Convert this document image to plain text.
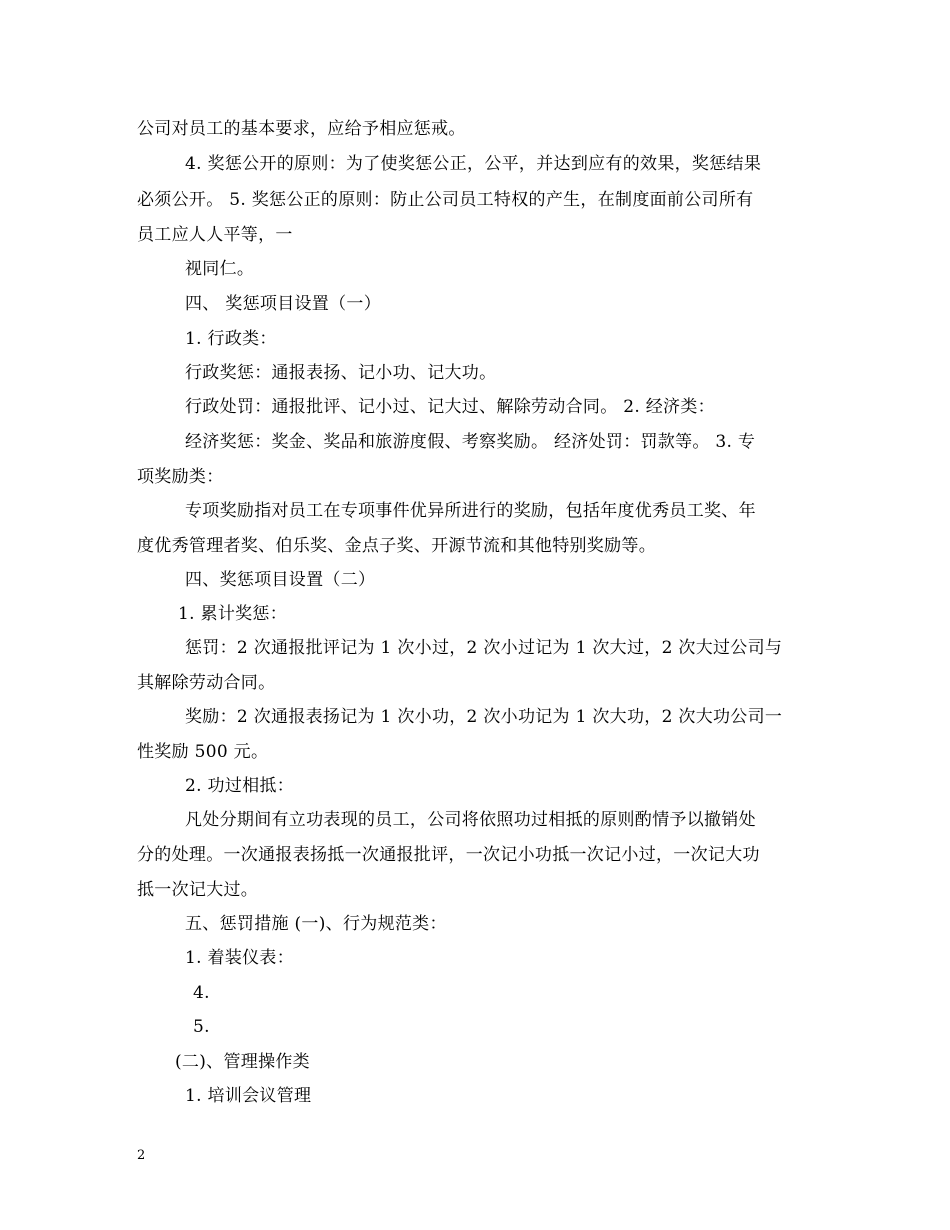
公司对员工的基本要求，应给予相应惩戒。
4. 奖惩公开的原则：为了使奖惩公正，公平，并达到应有的效果，奖惩结果
必须公开。 5. 奖惩公正的原则：防止公司员工特权的产生，在制度面前公司所有
员工应人人平等，一
视同仁。
四、 奖惩项目设置（一）
1. 行政类：
行政奖惩：通报表扬、记小功、记大功。
行政处罚：通报批评、记小过、记大过、解除劳动合同。 2. 经济类：
经济奖惩：奖金、奖品和旅游度假、考察奖励。 经济处罚：罚款等。 3. 专
项奖励类：
专项奖励指对员工在专项事件优异所进行的奖励，包括年度优秀员工奖、年
度优秀管理者奖、伯乐奖、金点子奖、开源节流和其他特别奖励等。
四、奖惩项目设置（二）
1. 累计奖惩：
惩罚：2 次通报批评记为 1 次小过，2 次小过记为 1 次大过，2 次大过公司与
其解除劳动合同。
奖励：2 次通报表扬记为 1 次小功，2 次小功记为 1 次大功，2 次大功公司一
性奖励 500 元。
2. 功过相抵：
凡处分期间有立功表现的员工，公司将依照功过相抵的原则酌情予以撤销处
分的处理。一次通报表扬抵一次通报批评，一次记小功抵一次记小过，一次记大功
抵一次记大过。
五、惩罚措施 (一)、行为规范类：
1. 着装仪表：
4.
5.
(二)、管理操作类
1. 培训会议管理
2
